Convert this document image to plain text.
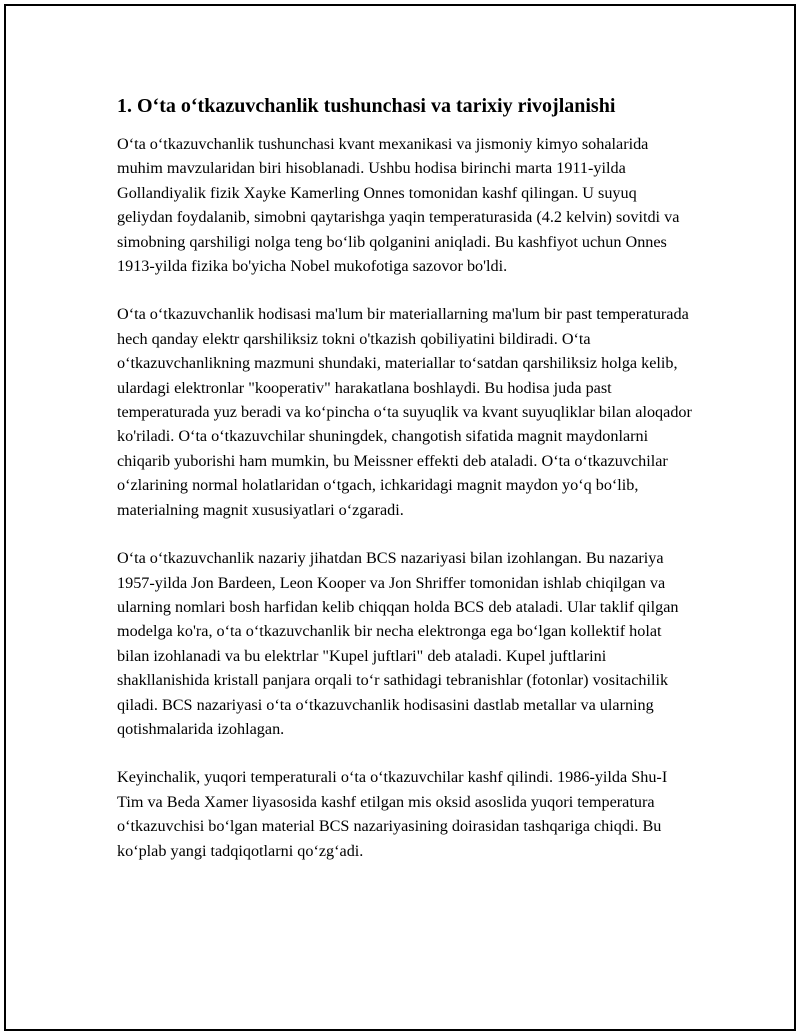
1. O‘ta o‘tkazuvchanlik tushunchasi va tarixiy rivojlanishi

O‘ta o‘tkazuvchanlik tushunchasi kvant mexanikasi va jismoniy kimyo sohalarida muhim mavzularidan biri hisoblanadi. Ushbu hodisa birinchi marta 1911-yilda Gollandiyalik fizik Xayke Kamerling Onnes tomonidan kashf qilingan. U suyuq geliydan foydalanib, simobni qaytarishga yaqin temperaturasida (4.2 kelvin) sovitdi va simobning qarshiligi nolga teng bo‘lib qolganini aniqladi. Bu kashfiyot uchun Onnes 1913-yilda fizika bo'yicha Nobel mukofotiga sazovor bo'ldi.

O‘ta o‘tkazuvchanlik hodisasi ma'lum bir materiallarning ma'lum bir past temperaturada hech qanday elektr qarshiliksiz tokni o'tkazish qobiliyatini bildiradi. O‘ta o‘tkazuvchanlikning mazmuni shundaki, materiallar to‘satdan qarshiliksiz holga kelib, ulardagi elektronlar "kooperativ" harakatlana boshlaydi. Bu hodisa juda past temperaturada yuz beradi va ko‘pincha o‘ta suyuqlik va kvant suyuqliklar bilan aloqador ko'riladi. O‘ta o‘tkazuvchilar shuningdek, changotish sifatida magnit maydonlarni chiqarib yuborishi ham mumkin, bu Meissner effekti deb ataladi. O‘ta o‘tkazuvchilar o‘zlarining normal holatlaridan o‘tgach, ichkaridagi magnit maydon yo‘q bo‘lib, materialning magnit xususiyatlari o‘zgaradi.

O‘ta o‘tkazuvchanlik nazariy jihatdan BCS nazariyasi bilan izohlangan. Bu nazariya 1957-yilda Jon Bardeen, Leon Kooper va Jon Shriffer tomonidan ishlab chiqilgan va ularning nomlari bosh harfidan kelib chiqqan holda BCS deb ataladi. Ular taklif qilgan modelga ko'ra, o‘ta o‘tkazuvchanlik bir necha elektronga ega bo‘lgan kollektif holat bilan izohlanadi va bu elektrlar "Kupel juftlari" deb ataladi. Kupel juftlarini shakllanishida kristall panjara orqali to‘r sathidagi tebranishlar (fotonlar) vositachilik qiladi. BCS nazariyasi o‘ta o‘tkazuvchanlik hodisasini dastlab metallar va ularning qotishmalarida izohlagan.

Keyinchalik, yuqori temperaturali o‘ta o‘tkazuvchilar kashf qilindi. 1986-yilda Shu-I Tim va Beda Xamer liyasosida kashf etilgan mis oksid asoslida yuqori temperatura o‘tkazuvchisi bo‘lgan material BCS nazariyasining doirasidan tashqariga chiqdi. Bu ko‘plab yangi tadqiqotlarni qo‘zg‘adi.
